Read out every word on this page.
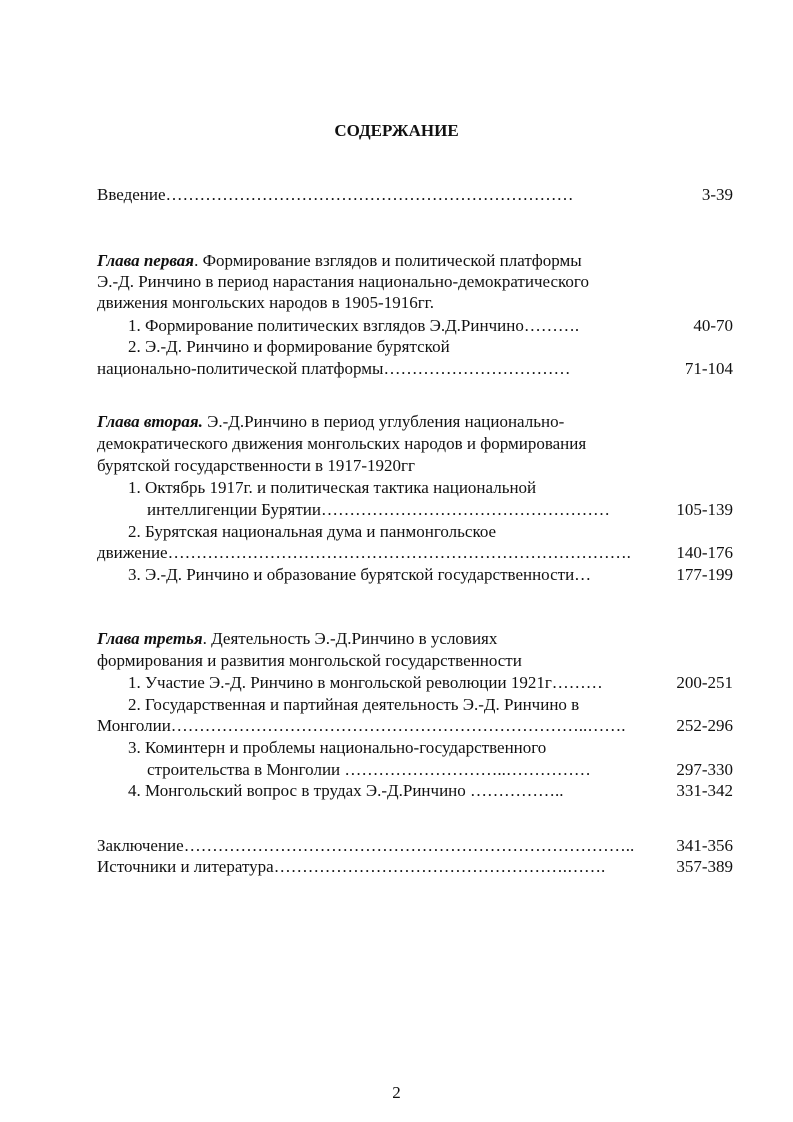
СОДЕРЖАНИЕ
Введение………………………………………………………………	3-39
Глава первая. Формирование взглядов и политической платформы
Э.-Д. Ринчино в период нарастания национально-демократического
движения монгольских народов в 1905-1916гг.
1. Формирование политических взглядов Э.Д.Ринчино……….	40-70
2. Э.-Д. Ринчино и формирование бурятской
национально-политической платформы……………………………	71-104
Глава вторая. Э.-Д.Ринчино в период углубления национально-
демократического движения монгольских народов и формирования
бурятской государственности в 1917-1920гг
1. Октябрь 1917г. и политическая тактика национальной
интеллигенции Бурятии……………………………………………	105-139
2. Бурятская национальная дума и панмонгольское
движение……………………………………………………………………….	140-176
3. Э.-Д. Ринчино и образование бурятской государственности…	177-199
Глава третья. Деятельность Э.-Д.Ринчино в условиях
формирования и развития монгольской государственности
1. Участие Э.-Д. Ринчино в монгольской революции 1921г………	200-251
2. Государственная и партийная деятельность Э.-Д. Ринчино в
Монголии………………………………………………………………..…….	252-296
3. Коминтерн и проблемы национально-государственного
строительства в Монголии ………………………..……………	297-330
4. Монгольский вопрос в трудах Э.-Д.Ринчино ……………..	331-342
Заключение……………………………………………………………………..	341-356
Источники и литература…………………………………………….…….	357-389
2
